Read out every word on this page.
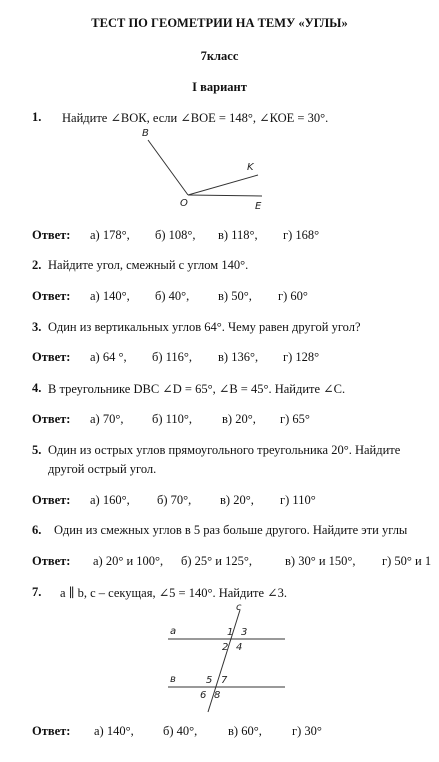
ТЕСТ ПО ГЕОМЕТРИИ НА ТЕМУ «УГЛЫ»
7класс
I вариант
1. Найдите ∠ВОК, если ∠ВОЕ = 148°, ∠КОЕ = 30°.
B
O
K
E
Ответ: а) 178°, б) 108°, в) 118°, г) 168°
2. Найдите угол, смежный с углом 140°.
Ответ: а) 140°, б) 40°, в) 50°, г) 60°
3. Один из вертикальных углов 64°. Чему равен другой угол?
Ответ: а) 64 °, б) 116°, в) 136°, г) 128°
4. В треугольнике DBC ∠D = 65°, ∠B = 45°. Найдите ∠C.
Ответ: а) 70°, б) 110°, в) 20°, г) 65°
5. Один из острых углов прямоугольного треугольника 20°. Найдите
другой острый угол.
Ответ: а) 160°, б) 70°, в) 20°, г) 110°
6. Один из смежных углов в 5 раз больше другого. Найдите эти углы
Ответ: а) 20° и 100°, б) 25° и 125°,	в) 30° и 150°, г) 50° и 1
7. a ∥ b, c – секущая, ∠5 = 140°. Найдите ∠3.
c
a
в
1 3
2 4
5 7
6 8
Ответ: а) 140°, б) 40°, в) 60°, г) 30°
